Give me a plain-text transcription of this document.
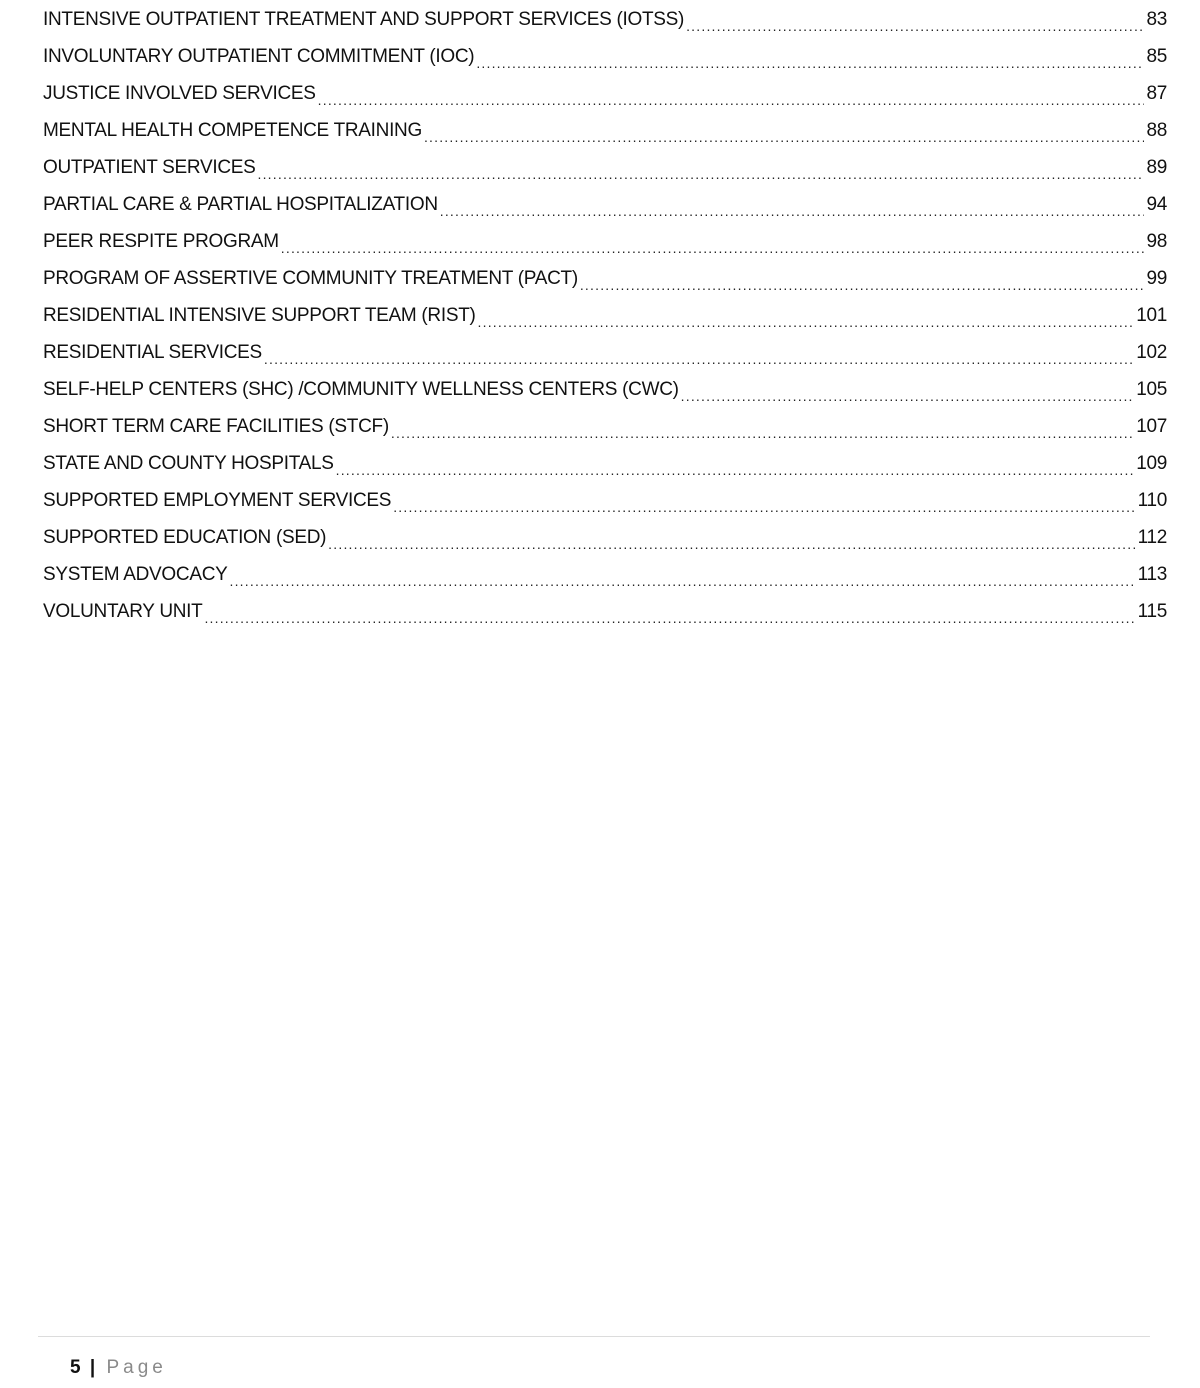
INTENSIVE OUTPATIENT TREATMENT AND SUPPORT SERVICES (IOTSS) .....	83
INVOLUNTARY OUTPATIENT COMMITMENT (IOC) .....	85
JUSTICE INVOLVED SERVICES .....	87
MENTAL HEALTH COMPETENCE TRAINING .....	88
OUTPATIENT SERVICES .....	89
PARTIAL CARE & PARTIAL HOSPITALIZATION .....	94
PEER RESPITE PROGRAM .....	98
PROGRAM OF ASSERTIVE COMMUNITY TREATMENT (PACT) .....	99
RESIDENTIAL INTENSIVE SUPPORT TEAM (RIST) .....	101
RESIDENTIAL SERVICES .....	102
SELF-HELP CENTERS (SHC) /COMMUNITY WELLNESS CENTERS (CWC) .....	105
SHORT TERM CARE FACILITIES (STCF) .....	107
STATE AND COUNTY HOSPITALS .....	109
SUPPORTED EMPLOYMENT SERVICES .....	110
SUPPORTED EDUCATION (SED) .....	112
SYSTEM ADVOCACY .....	113
VOLUNTARY UNIT .....	115
5 | Page
